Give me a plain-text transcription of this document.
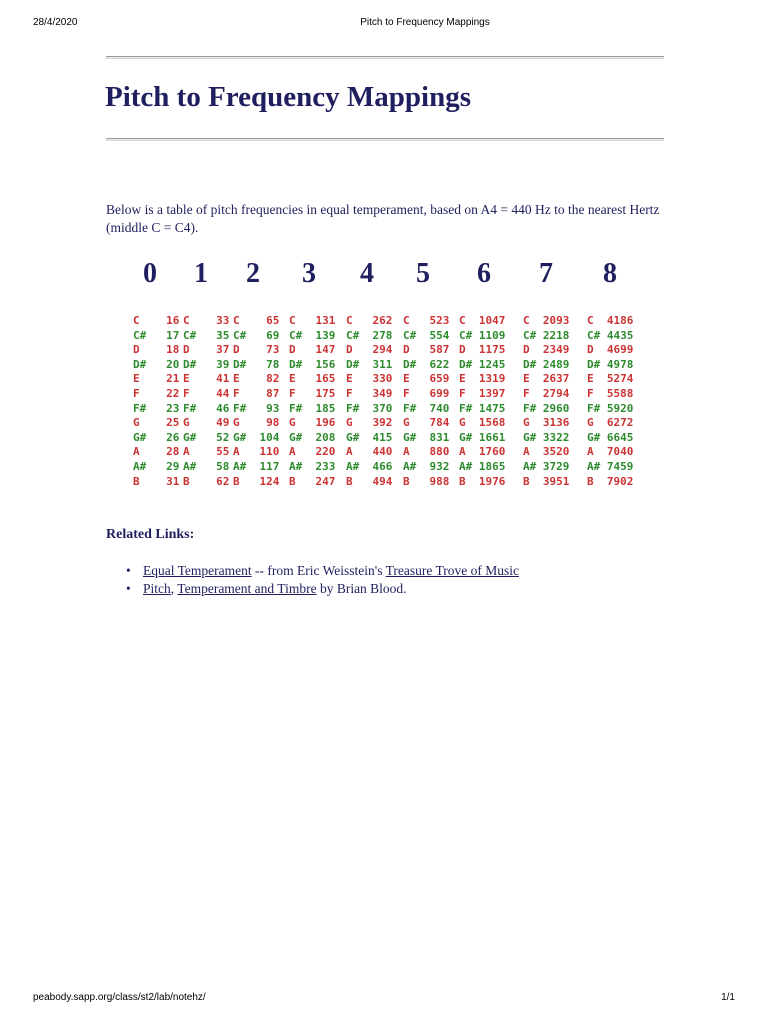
28/4/2020	Pitch to Frequency Mappings
Pitch to Frequency Mappings

Below is a table of pitch frequencies in equal temperament, based on A4 = 440 Hz to the nearest Hertz (middle C = C4).

0 1 2 3 4 5 6 7 8
C 16
C# 17
D 18
D# 20
E 21
F 22
F# 23
G 25
G# 26
A 28
A# 29
B 31
C 33
C# 35
D 37
D# 39
E 41
F 44
F# 46
G 49
G# 52
A 55
A# 58
B 62
C 65
C# 69
D 73
D# 78
E 82
F 87
F# 93
G 98
G# 104
A 110
A# 117
B 124
C 131
C# 139
D 147
D# 156
E 165
F 175
F# 185
G 196
G# 208
A 220
A# 233
B 247
C 262
C# 278
D 294
D# 311
E 330
F 349
F# 370
G 392
G# 415
A 440
A# 466
B 494
C 523
C# 554
D 587
D# 622
E 659
F 699
F# 740
G 784
G# 831
A 880
A# 932
B 988
C 1047
C# 1109
D 1175
D# 1245
E 1319
F 1397
F# 1475
G 1568
G# 1661
A 1760
A# 1865
B 1976
C 2093
C# 2218
D 2349
D# 2489
E 2637
F 2794
F# 2960
G 3136
G# 3322
A 3520
A# 3729
B 3951
C 4186
C# 4435
D 4699
D# 4978
E 5274
F 5588
F# 5920
G 6272
G# 6645
A 7040
A# 7459
B 7902
Related Links:
• Equal Temperament -- from Eric Weisstein's Treasure Trove of Music
• Pitch, Temperament and Timbre by Brian Blood.
peabody.sapp.org/class/st2/lab/notehz/	1/1
